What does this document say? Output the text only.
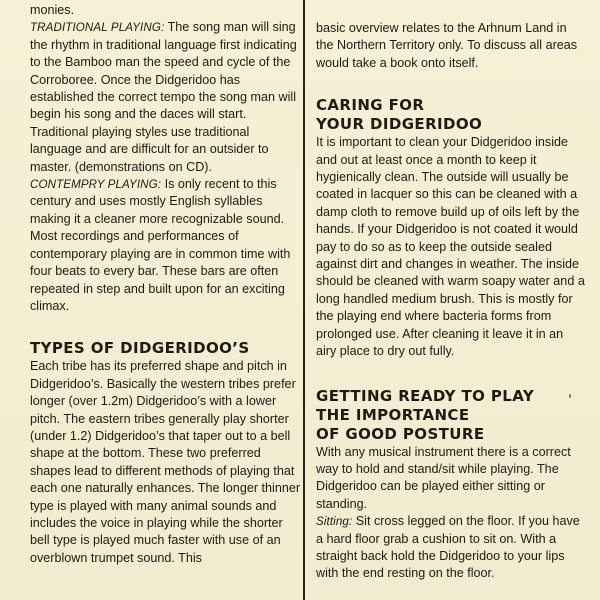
monies.

TRADITIONAL PLAYING: The song man will sing the rhythm in traditional language first indicating to the Bamboo man the speed and cycle of the Corroboree. Once the Didgeridoo has established the correct tempo the song man will begin his song and the daces will start. Traditional playing styles use traditional language and are difficult for an outsider to master. (demonstrations on CD).

CONTEMPRY PLAYING: Is only recent to this century and uses mostly English syllables making it a cleaner more recognizable sound. Most recordings and performances of contemporary playing are in common time with four beats to every bar. These bars are often repeated in step and built upon for an exciting climax.

TYPES OF DIDGERIDOO’S

Each tribe has its preferred shape and pitch in Didgeridoo’s. Basically the western tribes prefer longer (over 1.2m) Didgeridoo’s with a lower pitch. The eastern tribes generally play shorter (under 1.2) Didgeridoo’s that taper out to a bell shape at the bottom. These two preferred shapes lead to different methods of playing that each one naturally enhances. The longer thinner type is played with many animal sounds and includes the voice in playing while the shorter bell type is played much faster with use of an overblown trumpet sound. This

basic overview relates to the Arhnum Land in the Northern Territory only. To discuss all areas would take a book onto itself.

CARING FOR
YOUR DIDGERIDOO

It is important to clean your Didgeridoo inside and out at least once a month to keep it hygienically clean. The outside will usually be coated in lacquer so this can be cleaned with a damp cloth to remove build up of oils left by the hands. If your Didgeridoo is not coated it would pay to do so as to keep the outside sealed against dirt and changes in weather. The inside should be cleaned with warm soapy water and a long handled medium brush. This is mostly for the playing end where bacteria forms from prolonged use. After cleaning it leave it in an airy place to dry out fully.

GETTING READY TO PLAY
THE IMPORTANCE
OF GOOD POSTURE

With any musical instrument there is a correct way to hold and stand/sit while playing. The Didgeridoo can be played either sitting or standing.

Sitting: Sit cross legged on the floor. If you have a hard floor grab a cushion to sit on. With a straight back hold the Didgeridoo to your lips with the end resting on the floor.
